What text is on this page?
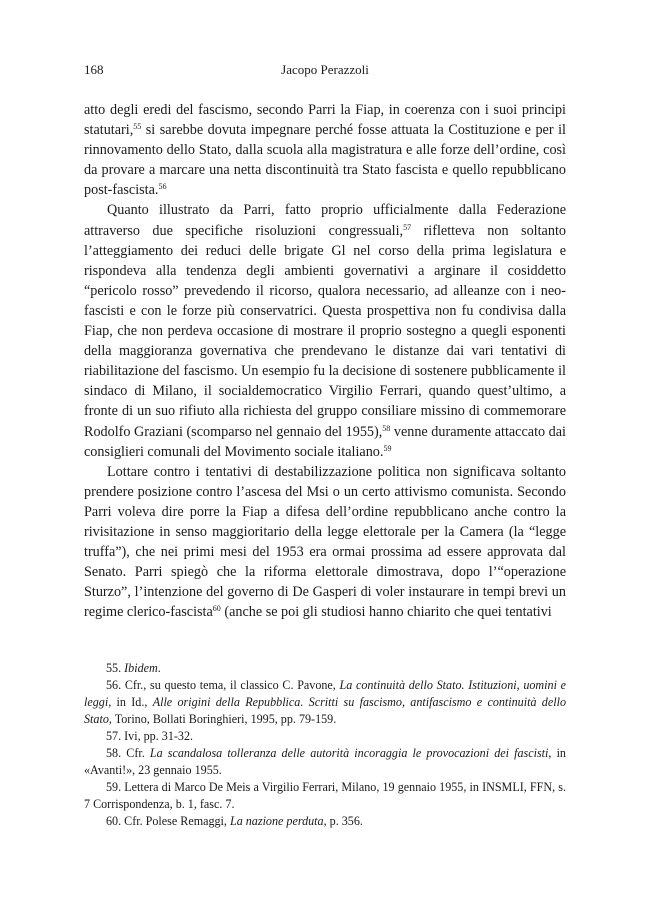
168	Jacopo Perazzoli

atto degli eredi del fascismo, secondo Parri la Fiap, in coerenza con i suoi principi statutari,$^{55}$ si sarebbe dovuta impegnare perché fosse attuata la Costituzione e per il rinnovamento dello Stato, dalla scuola alla magistratura e alle forze dell’ordine, così da provare a marcare una netta discontinuità tra Stato fascista e quello repubblicano post-fascista.$^{56}$

Quanto illustrato da Parri, fatto proprio ufficialmente dalla Federazione attraverso due specifiche risoluzioni congressuali,$^{57}$ rifletteva non soltanto l’atteggiamento dei reduci delle brigate Gl nel corso della prima legislatura e rispondeva alla tendenza degli ambienti governativi a arginare il cosiddetto “pericolo rosso” prevedendo il ricorso, qualora necessario, ad alleanze con i neo-fascisti e con le forze più conservatrici. Questa prospettiva non fu condivisa dalla Fiap, che non perdeva occasione di mostrare il proprio sostegno a quegli esponenti della maggioranza governativa che prendevano le distanze dai vari tentativi di riabilitazione del fascismo. Un esempio fu la decisione di sostenere pubblicamente il sindaco di Milano, il socialdemocratico Virgilio Ferrari, quando quest’ultimo, a fronte di un suo rifiuto alla richiesta del gruppo consiliare missino di commemorare Rodolfo Graziani (scomparso nel gennaio del 1955),$^{58}$ venne duramente attaccato dai consiglieri comunali del Movimento sociale italiano.$^{59}$

Lottare contro i tentativi di destabilizzazione politica non significava soltanto prendere posizione contro l’ascesa del Msi o un certo attivismo comunista. Secondo Parri voleva dire porre la Fiap a difesa dell’ordine repubblicano anche contro la rivisitazione in senso maggioritario della legge elettorale per la Camera (la “legge truffa”), che nei primi mesi del 1953 era ormai prossima ad essere approvata dal Senato. Parri spiegò che la riforma elettorale dimostrava, dopo l’“operazione Sturzo”, l’intenzione del governo di De Gasperi di voler instaurare in tempi brevi un regime clerico-fascista$^{60}$ (anche se poi gli studiosi hanno chiarito che quei tentativi

55. Ibidem.

56. Cfr., su questo tema, il classico C. Pavone, La continuità dello Stato. Istituzioni, uomini e leggi, in Id., Alle origini della Repubblica. Scritti su fascismo, antifascismo e continuità dello Stato, Torino, Bollati Boringhieri, 1995, pp. 79-159.

57. Ivi, pp. 31-32.

58. Cfr. La scandalosa tolleranza delle autorità incoraggia le provocazioni dei fascisti, in «Avanti!», 23 gennaio 1955.

59. Lettera di Marco De Meis a Virgilio Ferrari, Milano, 19 gennaio 1955, in INSMLI, FFN, s. 7 Corrispondenza, b. 1, fasc. 7.

60. Cfr. Polese Remaggi, La nazione perduta, p. 356.
